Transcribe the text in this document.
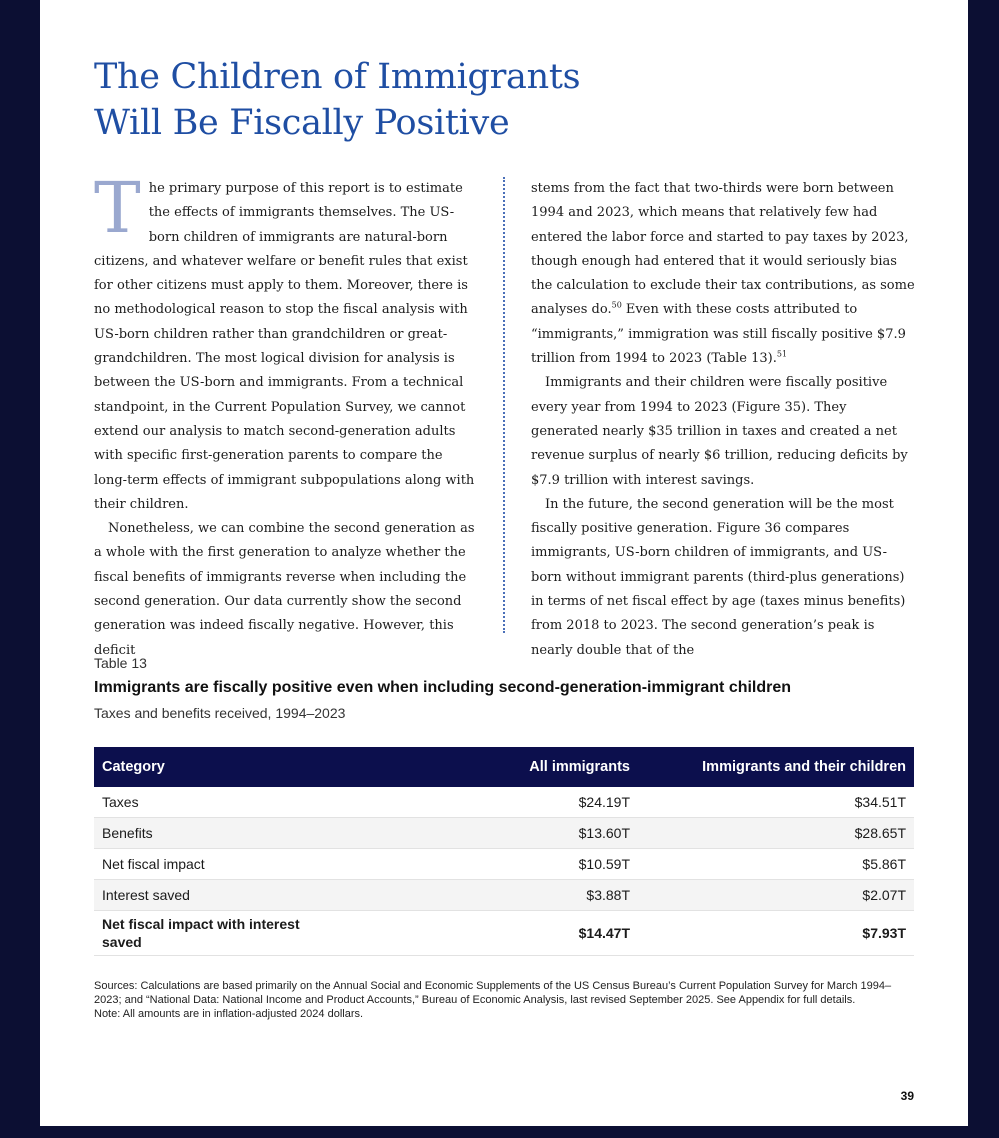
The Children of Immigrants
Will Be Fiscally Positive
T he primary purpose of this report is to estimate the effects of immigrants themselves. The US-born children of immigrants are natural-born citizens, and whatever welfare or benefit rules that exist for other citizens must apply to them. Moreover, there is no methodological reason to stop the fiscal analysis with US-born children rather than grandchildren or great-grandchildren. The most logical division for analysis is between the US-born and immigrants. From a technical standpoint, in the Current Population Survey, we cannot extend our analysis to match second-generation adults with specific first-generation parents to compare the long-term effects of immigrant subpopulations along with their children.

Nonetheless, we can combine the second generation as a whole with the first generation to analyze whether the fiscal benefits of immigrants reverse when including the second generation. Our data currently show the second generation was indeed fiscally negative. However, this deficit

stems from the fact that two-thirds were born between 1994 and 2023, which means that relatively few had entered the labor force and started to pay taxes by 2023, though enough had entered that it would seriously bias the calculation to exclude their tax contributions, as some analyses do.$^{50}$ Even with these costs attributed to “immigrants,” immigration was still fiscally positive $7.9 trillion from 1994 to 2023 (Table 13).$^{51}$

Immigrants and their children were fiscally positive every year from 1994 to 2023 (Figure 35). They generated nearly $35 trillion in taxes and created a net revenue surplus of nearly $6 trillion, reducing deficits by $7.9 trillion with interest savings.

In the future, the second generation will be the most fiscally positive generation. Figure 36 compares immigrants, US-born children of immigrants, and US-born without immigrant parents (third-plus generations) in terms of net fiscal effect by age (taxes minus benefits) from 2018 to 2023. The second generation’s peak is nearly double that of the

Table 13
Immigrants are fiscally positive even when including second-generation-immigrant children
Taxes and benefits received, 1994–2023
Category	All immigrants	Immigrants and their children
Taxes	$24.19T	$34.51T
Benefits	$13.60T	$28.65T
Net fiscal impact	$10.59T	$5.86T
Interest saved	$3.88T	$2.07T
Net fiscal impact with interest saved	$14.47T	$7.93T

Sources: Calculations are based primarily on the Annual Social and Economic Supplements of the US Census Bureau’s Current Population Survey for March 1994–2023; and “National Data: National Income and Product Accounts,” Bureau of Economic Analysis, last revised September 2025. See Appendix for full details.

Note: All amounts are in inflation-adjusted 2024 dollars.

39
